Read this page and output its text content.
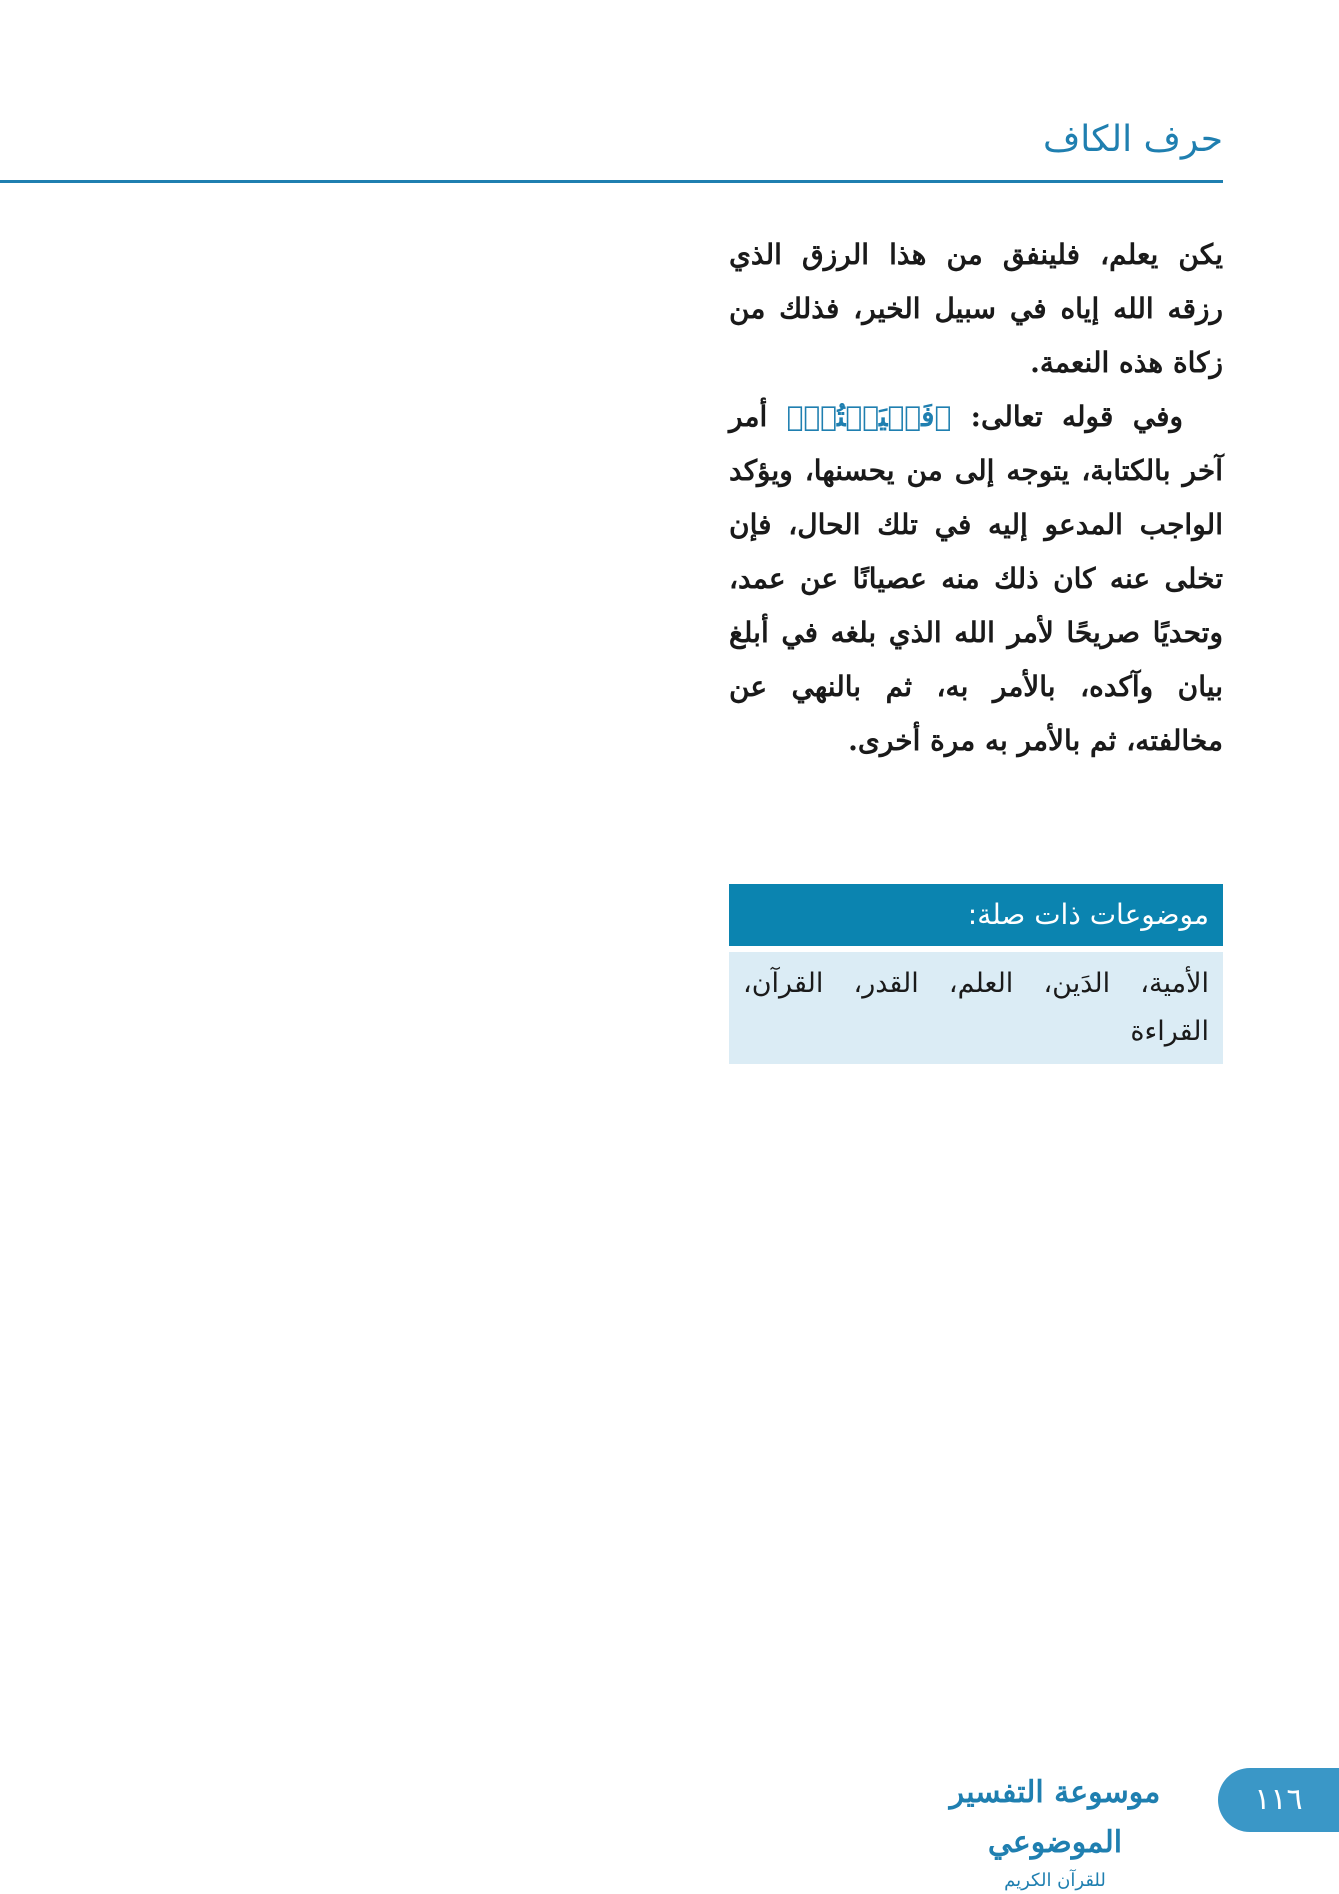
حرف الكاف

يكن يعلم، فلينفق من هذا الرزق الذي رزقه الله إياه في سبيل الخير، فذلك من زكاة هذه النعمة.

وفي قوله تعالى: ﴿فَلۡيَكۡتُبۡ﴾ أمر آخر بالكتابة، يتوجه إلى من يحسنها، ويؤكد الواجب المدعو إليه في تلك الحال، فإن تخلى عنه كان ذلك منه عصيانًا عن عمد، وتحديًا صريحًا لأمر الله الذي بلغه في أبلغ بيان وآكده، بالأمر به، ثم بالنهي عن مخالفته، ثم بالأمر به مرة أخرى.

موضوعات ذات صلة:
الأمية، الدَين، العلم، القدر، القرآن، القراءة
موسوعة التفسير الموضوعي
للقرآن الكريم
١١٦
